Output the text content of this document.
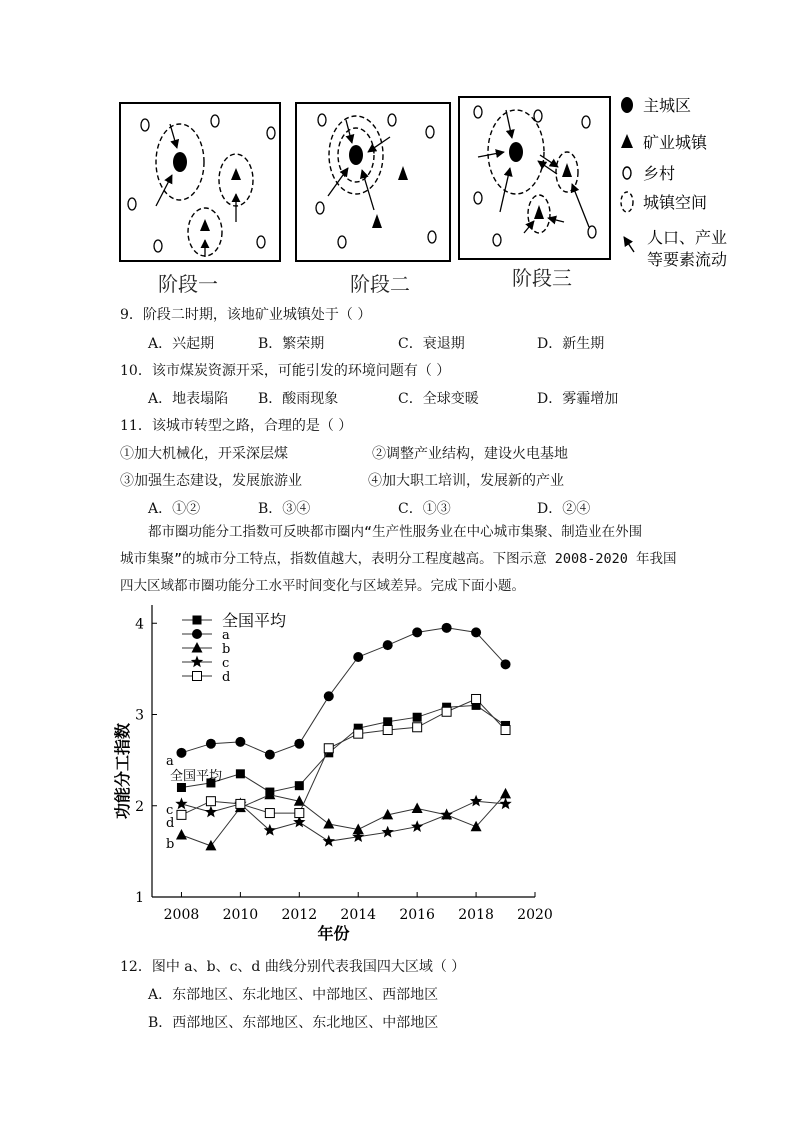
阶段一	阶段二	阶段三
主城区
矿业城镇
乡村
城镇空间
人口、产业
等要素流动
9．阶段二时期，该地矿业城镇处于（ ）
A．兴起期	B．繁荣期	C．衰退期	D．新生期
10．该市煤炭资源开采，可能引发的环境问题有（ ）
A．地表塌陷 B．酸雨现象	C．全球变暖	D．雾霾增加
11．该城市转型之路，合理的是（ ）
①加大机械化，开采深层煤	②调整产业结构，建设火电基地
③加强生态建设，发展旅游业	④加大职工培训，发展新的产业
A．①②	B．③④	C．①③	D．②④
都市圈功能分工指数可反映都市圈内“生产性服务业在中心城市集聚、制造业在外围
城市集聚”的城市分工特点，指数值越大，表明分工程度越高。下图示意 2008-2020 年我国
四大区域都市圈功能分工水平时间变化与区域差异。完成下面小题。
2008 2010 2012 2014 2016 2018 2020
1
2
3
4
年份
功能分工指数
全国平均
a
b
c
d
a
全国平均
c
d
b
12．图中 a、b、c、d 曲线分别代表我国四大区域（ ）
A．东部地区、东北地区、中部地区、西部地区
B．西部地区、东部地区、东北地区、中部地区
